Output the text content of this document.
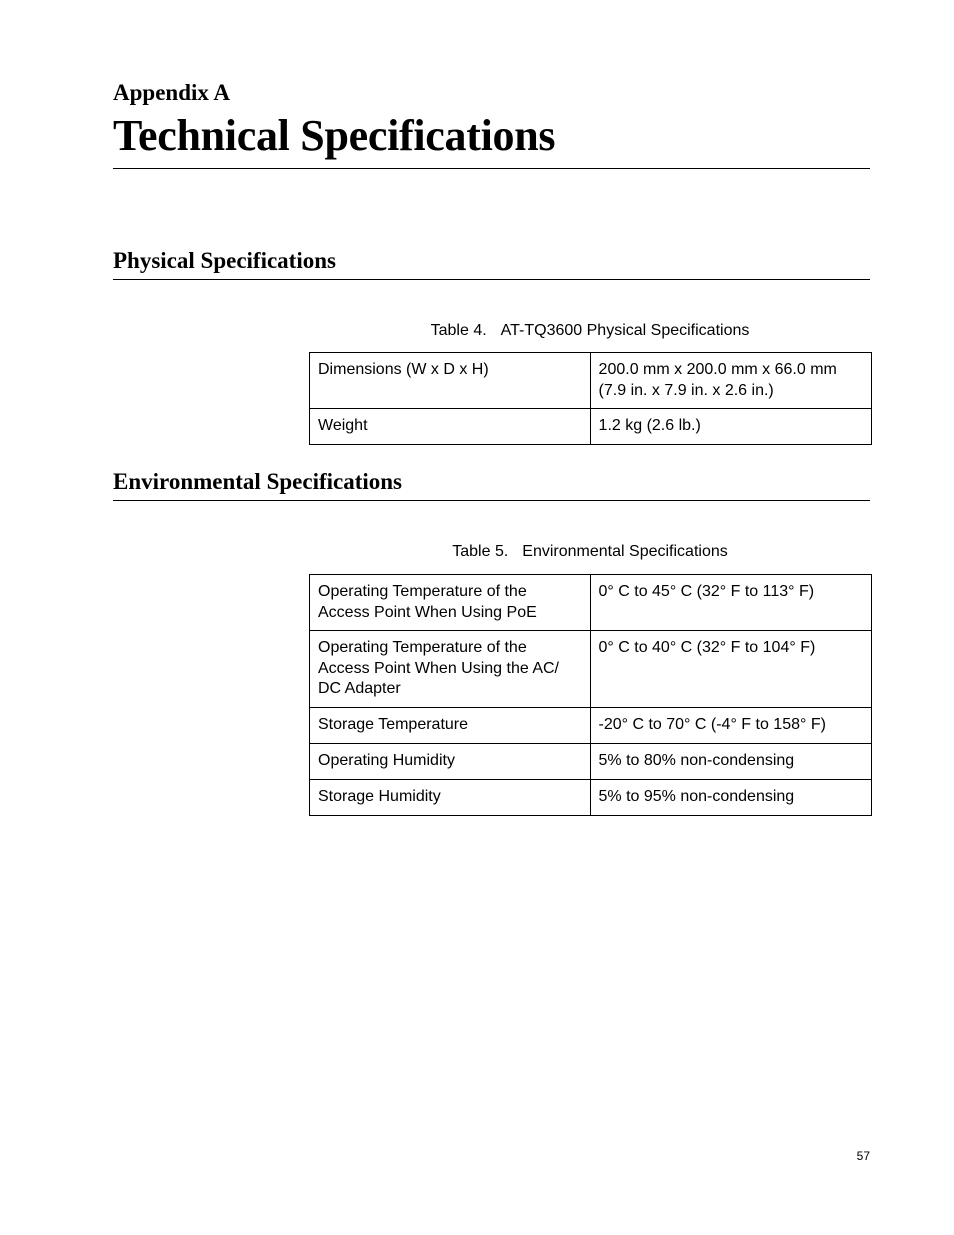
Appendix A
Technical Specifications
Physical Specifications

Table 4. AT-TQ3600 Physical Specifications

Dimensions (W x D x H)	200.0 mm x 200.0 mm x 66.0 mm (7.9 in. x 7.9 in. x 2.6 in.)
Weight	1.2 kg (2.6 lb.)
Environmental Specifications

Table 5. Environmental Specifications

Operating Temperature of the Access Point When Using PoE	0° C to 45° C (32° F to 113° F)
Operating Temperature of the Access Point When Using the AC/ DC Adapter	0° C to 40° C (32° F to 104° F)
Storage Temperature	-20° C to 70° C (-4° F to 158° F)
Operating Humidity	5% to 80% non-condensing
Storage Humidity	5% to 95% non-condensing

57
